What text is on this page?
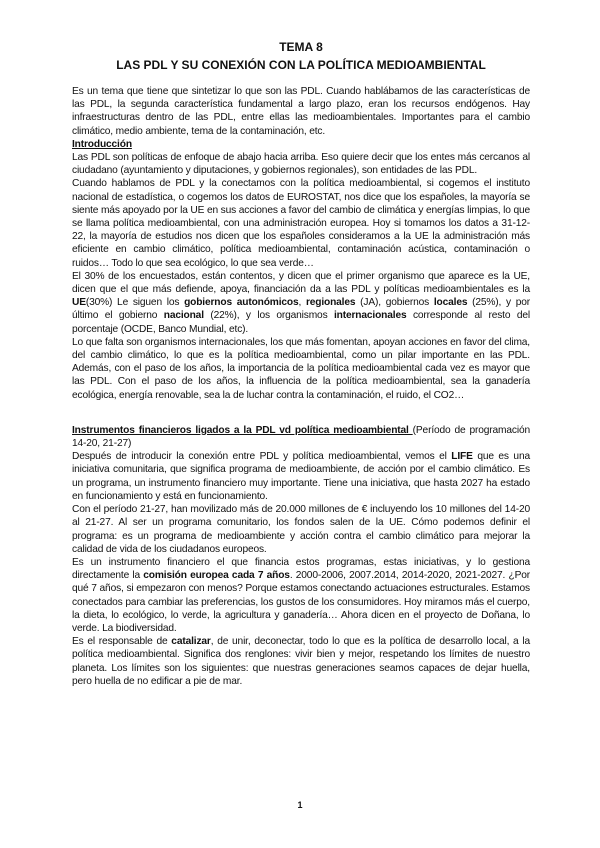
TEMA 8
LAS PDL Y SU CONEXIÓN CON LA POLÍTICA MEDIOAMBIENTAL

Es un tema que tiene que sintetizar lo que son las PDL. Cuando hablábamos de las características de las PDL, la segunda característica fundamental a largo plazo, eran los recursos endógenos. Hay infraestructuras dentro de las PDL, entre ellas las medioambientales. Importantes para el cambio climático, medio ambiente, tema de la contaminación, etc.

Introducción

Las PDL son políticas de enfoque de abajo hacia arriba. Eso quiere decir que los entes más cercanos al ciudadano (ayuntamiento y diputaciones, y gobiernos regionales), son entidades de las PDL.

Cuando hablamos de PDL y la conectamos con la política medioambiental, si cogemos el instituto nacional de estadística, o cogemos los datos de EUROSTAT, nos dice que los españoles, la mayoría se siente más apoyado por la UE en sus acciones a favor del cambio de climática y energías limpias, lo que se llama política medioambiental, con una administración europea. Hoy si tomamos los datos a 31-12-22, la mayoría de estudios nos dicen que los españoles consideramos a la UE la administración más eficiente en cambio climático, política medioambiental, contaminación acústica, contaminación o ruidos… Todo lo que sea ecológico, lo que sea verde…

El 30% de los encuestados, están contentos, y dicen que el primer organismo que aparece es la UE, dicen que el que más defiende, apoya, financiación da a las PDL y políticas medioambientales es la UE(30%) Le siguen los gobiernos autonómicos, regionales (JA), gobiernos locales (25%), y por último el gobierno nacional (22%), y los organismos internacionales corresponde al resto del porcentaje (OCDE, Banco Mundial, etc).

Lo que falta son organismos internacionales, los que más fomentan, apoyan acciones en favor del clima, del cambio climático, lo que es la política medioambiental, como un pilar importante en las PDL. Además, con el paso de los años, la importancia de la política medioambiental cada vez es mayor que las PDL. Con el paso de los años, la influencia de la política medioambiental, sea la ganadería ecológica, energía renovable, sea la de luchar contra la contaminación, el ruido, el CO2…

Instrumentos financieros ligados a la PDL vd política medioambiental (Período de programación 14-20, 21-27)

Después de introducir la conexión entre PDL y política medioambiental, vemos el LIFE que es una iniciativa comunitaria, que significa programa de medioambiente, de acción por el cambio climático. Es un programa, un instrumento financiero muy importante. Tiene una iniciativa, que hasta 2027 ha estado en funcionamiento y está en funcionamiento.

Con el período 21-27, han movilizado más de 20.000 millones de € incluyendo los 10 millones del 14-20 al 21-27. Al ser un programa comunitario, los fondos salen de la UE. Cómo podemos definir el programa: es un programa de medioambiente y acción contra el cambio climático para mejorar la calidad de vida de los ciudadanos europeos.

Es un instrumento financiero el que financia estos programas, estas iniciativas, y lo gestiona directamente la comisión europea cada 7 años. 2000-2006, 2007.2014, 2014-2020, 2021-2027. ¿Por qué 7 años, si empezaron con menos? Porque estamos conectando actuaciones estructurales. Estamos conectados para cambiar las preferencias, los gustos de los consumidores. Hoy miramos más el cuerpo, la dieta, lo ecológico, lo verde, la agricultura y ganadería… Ahora dicen en el proyecto de Doñana, lo verde. La biodiversidad.

Es el responsable de catalizar, de unir, deconectar, todo lo que es la política de desarrollo local, a la política medioambiental. Significa dos renglones: vivir bien y mejor, respetando los límites de nuestro planeta. Los límites son los siguientes: que nuestras generaciones seamos capaces de dejar huella, pero huella de no edificar a pie de mar.

1
